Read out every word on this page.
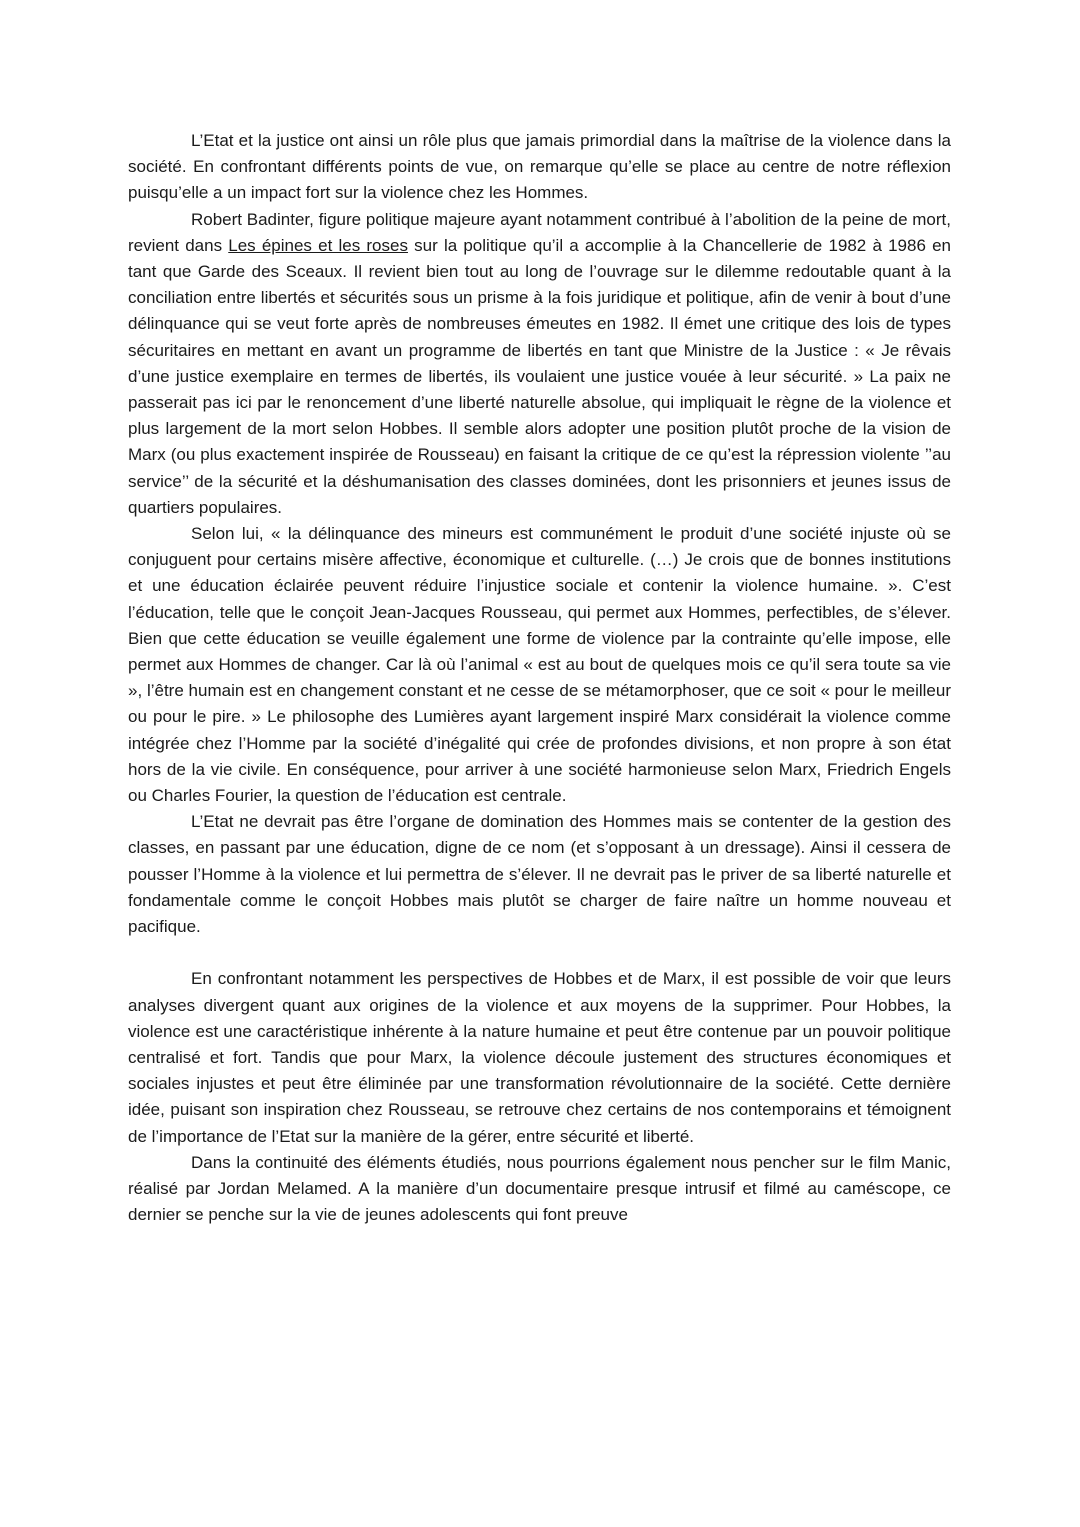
L’Etat et la justice ont ainsi un rôle plus que jamais primordial dans la maîtrise de la violence dans la société. En confrontant différents points de vue, on remarque qu’elle se place au centre de notre réflexion puisqu’elle a un impact fort sur la violence chez les Hommes.

Robert Badinter, figure politique majeure ayant notamment contribué à l’abolition de la peine de mort, revient dans Les épines et les roses sur la politique qu’il a accomplie à la Chancellerie de 1982 à 1986 en tant que Garde des Sceaux. Il revient bien tout au long de l’ouvrage sur le dilemme redoutable quant à la conciliation entre libertés et sécurités sous un prisme à la fois juridique et politique, afin de venir à bout d’une délinquance qui se veut forte après de nombreuses émeutes en 1982. Il émet une critique des lois de types sécuritaires en mettant en avant un programme de libertés en tant que Ministre de la Justice : « Je rêvais d’une justice exemplaire en termes de libertés, ils voulaient une justice vouée à leur sécurité. » La paix ne passerait pas ici par le renoncement d’une liberté naturelle absolue, qui impliquait le règne de la violence et plus largement de la mort selon Hobbes. Il semble alors adopter une position plutôt proche de la vision de Marx (ou plus exactement inspirée de Rousseau) en faisant la critique de ce qu’est la répression violente ’’au service’’ de la sécurité et la déshumanisation des classes dominées, dont les prisonniers et jeunes issus de quartiers populaires.

Selon lui, « la délinquance des mineurs est communément le produit d’une société injuste où se conjuguent pour certains misère affective, économique et culturelle. (…) Je crois que de bonnes institutions et une éducation éclairée peuvent réduire l’injustice sociale et contenir la violence humaine. ». C’est l’éducation, telle que le conçoit Jean-Jacques Rousseau, qui permet aux Hommes, perfectibles, de s’élever. Bien que cette éducation se veuille également une forme de violence par la contrainte qu’elle impose, elle permet aux Hommes de changer. Car là où l’animal « est au bout de quelques mois ce qu’il sera toute sa vie », l’être humain est en changement constant et ne cesse de se métamorphoser, que ce soit « pour le meilleur ou pour le pire. » Le philosophe des Lumières ayant largement inspiré Marx considérait la violence comme intégrée chez l’Homme par la société d’inégalité qui crée de profondes divisions, et non propre à son état hors de la vie civile. En conséquence, pour arriver à une société harmonieuse selon Marx, Friedrich Engels ou Charles Fourier, la question de l’éducation est centrale.

L’Etat ne devrait pas être l’organe de domination des Hommes mais se contenter de la gestion des classes, en passant par une éducation, digne de ce nom (et s’opposant à un dressage). Ainsi il cessera de pousser l’Homme à la violence et lui permettra de s’élever. Il ne devrait pas le priver de sa liberté naturelle et fondamentale comme le conçoit Hobbes mais plutôt se charger de faire naître un homme nouveau et pacifique.

En confrontant notamment les perspectives de Hobbes et de Marx, il est possible de voir que leurs analyses divergent quant aux origines de la violence et aux moyens de la supprimer. Pour Hobbes, la violence est une caractéristique inhérente à la nature humaine et peut être contenue par un pouvoir politique centralisé et fort. Tandis que pour Marx, la violence découle justement des structures économiques et sociales injustes et peut être éliminée par une transformation révolutionnaire de la société. Cette dernière idée, puisant son inspiration chez Rousseau, se retrouve chez certains de nos contemporains et témoignent de l’importance de l’Etat sur la manière de la gérer, entre sécurité et liberté.

Dans la continuité des éléments étudiés, nous pourrions également nous pencher sur le film Manic, réalisé par Jordan Melamed. A la manière d’un documentaire presque intrusif et filmé au caméscope, ce dernier se penche sur la vie de jeunes adolescents qui font preuve
